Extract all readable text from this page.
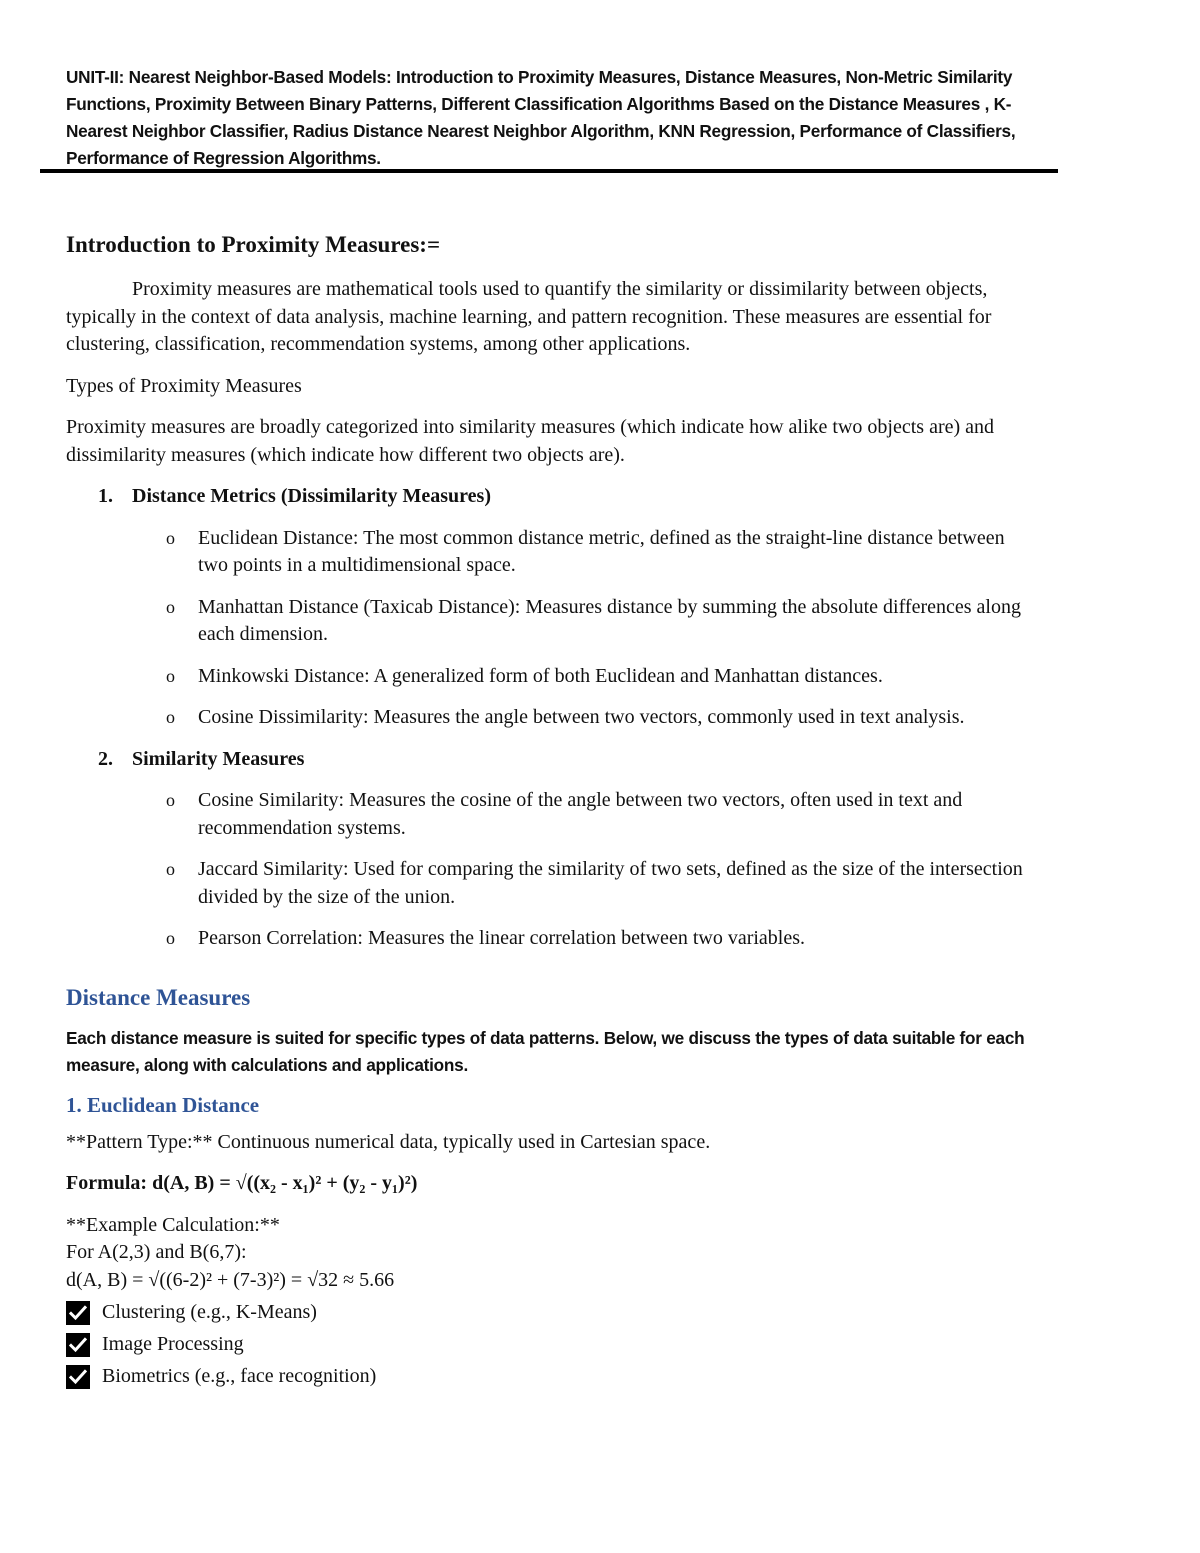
UNIT-II: Nearest Neighbor-Based Models: Introduction to Proximity Measures, Distance Measures, Non-Metric Similarity Functions, Proximity Between Binary Patterns, Different Classification Algorithms Based on the Distance Measures , K-Nearest Neighbor Classifier, Radius Distance Nearest Neighbor Algorithm, KNN Regression, Performance of Classifiers, Performance of Regression Algorithms.
Introduction to Proximity Measures:=

Proximity measures are mathematical tools used to quantify the similarity or dissimilarity between objects, typically in the context of data analysis, machine learning, and pattern recognition. These measures are essential for clustering, classification, recommendation systems, among other applications.

Types of Proximity Measures

Proximity measures are broadly categorized into similarity measures (which indicate how alike two objects are) and dissimilarity measures (which indicate how different two objects are).

1. Distance Metrics (Dissimilarity Measures)
o Euclidean Distance: The most common distance metric, defined as the straight-line distance between two points in a multidimensional space.
o Manhattan Distance (Taxicab Distance): Measures distance by summing the absolute differences along each dimension.
o Minkowski Distance: A generalized form of both Euclidean and Manhattan distances.
o Cosine Dissimilarity: Measures the angle between two vectors, commonly used in text analysis.
2. Similarity Measures
o Cosine Similarity: Measures the cosine of the angle between two vectors, often used in text and recommendation systems.
o Jaccard Similarity: Used for comparing the similarity of two sets, defined as the size of the intersection divided by the size of the union.
o Pearson Correlation: Measures the linear correlation between two variables.
Distance Measures

Each distance measure is suited for specific types of data patterns. Below, we discuss the types of data suitable for each measure, along with calculations and applications.

1. Euclidean Distance

**Pattern Type:** Continuous numerical data, typically used in Cartesian space.

Formula: d(A, B) = √((x₂ - x₁)² + (y₂ - y₁)²)

**Example Calculation:**

For A(2,3) and B(6,7):

d(A, B) = √((6-2)² + (7-3)²) = √32 ≈ 5.66

Clustering (e.g., K-Means)
Image Processing
Biometrics (e.g., face recognition)
